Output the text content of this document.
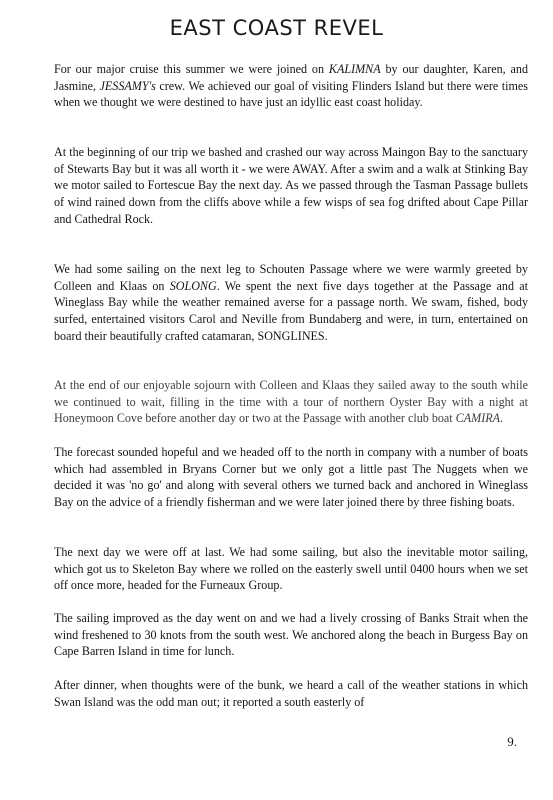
EAST COAST REVEL

For our major cruise this summer we were joined on KALIMNA by our daughter, Karen, and Jasmine, JESSAMY's crew. We achieved our goal of visiting Flinders Island but there were times when we thought we were destined to have just an idyllic east coast holiday.

At the beginning of our trip we bashed and crashed our way across Maingon Bay to the sanctuary of Stewarts Bay but it was all worth it - we were AWAY. After a swim and a walk at Stinking Bay we motor sailed to Fortescue Bay the next day. As we passed through the Tasman Passage bullets of wind rained down from the cliffs above while a few wisps of sea fog drifted about Cape Pillar and Cathedral Rock.

We had some sailing on the next leg to Schouten Passage where we were warmly greeted by Colleen and Klaas on SOLONG. We spent the next five days together at the Passage and at Wineglass Bay while the weather remained averse for a passage north. We swam, fished, body surfed, entertained visitors Carol and Neville from Bundaberg and were, in turn, entertained on board their beautifully crafted catamaran, SONGLINES.

At the end of our enjoyable sojourn with Colleen and Klaas they sailed away to the south while we continued to wait, filling in the time with a tour of northern Oyster Bay with a night at Honeymoon Cove before another day or two at the Passage with another club boat CAMIRA.

The forecast sounded hopeful and we headed off to the north in company with a number of boats which had assembled in Bryans Corner but we only got a little past The Nuggets when we decided it was 'no go' and along with several others we turned back and anchored in Wineglass Bay on the advice of a friendly fisherman and we were later joined there by three fishing boats.

The next day we were off at last. We had some sailing, but also the inevitable motor sailing, which got us to Skeleton Bay where we rolled on the easterly swell until 0400 hours when we set off once more, headed for the Furneaux Group.

The sailing improved as the day went on and we had a lively crossing of Banks Strait when the wind freshened to 30 knots from the south west. We anchored along the beach in Burgess Bay on Cape Barren Island in time for lunch.

After dinner, when thoughts were of the bunk, we heard a call of the weather stations in which Swan Island was the odd man out; it reported a south easterly of

9.
